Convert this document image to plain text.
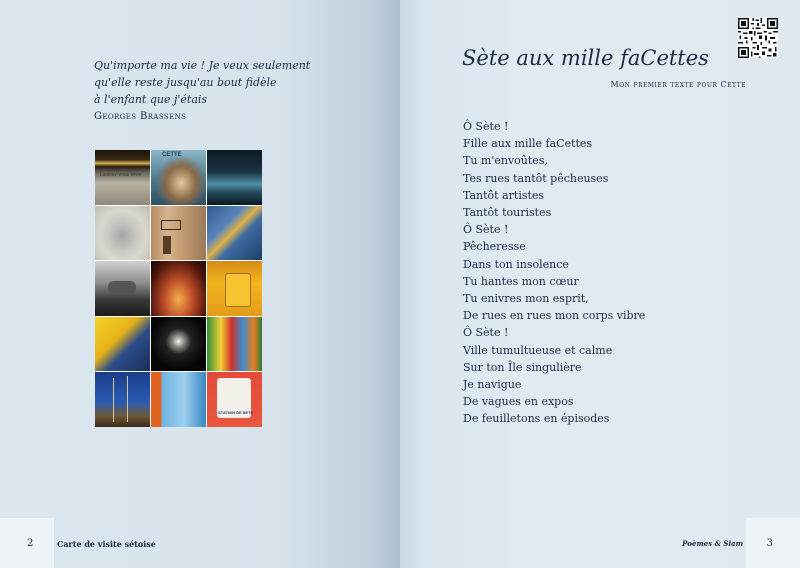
Qu'importe ma vie ! Je veux seulement
qu'elle reste jusqu'au bout fidèle
à l'enfant que j'étais
Georges Brassens
Laissez-vous rêver
CETTE
STATION DE SETE
2	Carte de visite sétoise
Sète aux mille faCettes
Mon premier texte pour Cette
Ô Sète !
Fille aux mille faCettes
Tu m'envoûtes,
Tes rues tantôt pêcheuses
Tantôt artistes
Tantôt touristes
Ô Sète !
Pêcheresse
Dans ton insolence
Tu hantes mon cœur
Tu enivres mon esprit,
De rues en rues mon corps vibre
Ô Sète !
Ville tumultueuse et calme
Sur ton Île singulière
Je navigue
De vagues en expos
De feuilletons en épisodes
Poèmes & Slam 3
